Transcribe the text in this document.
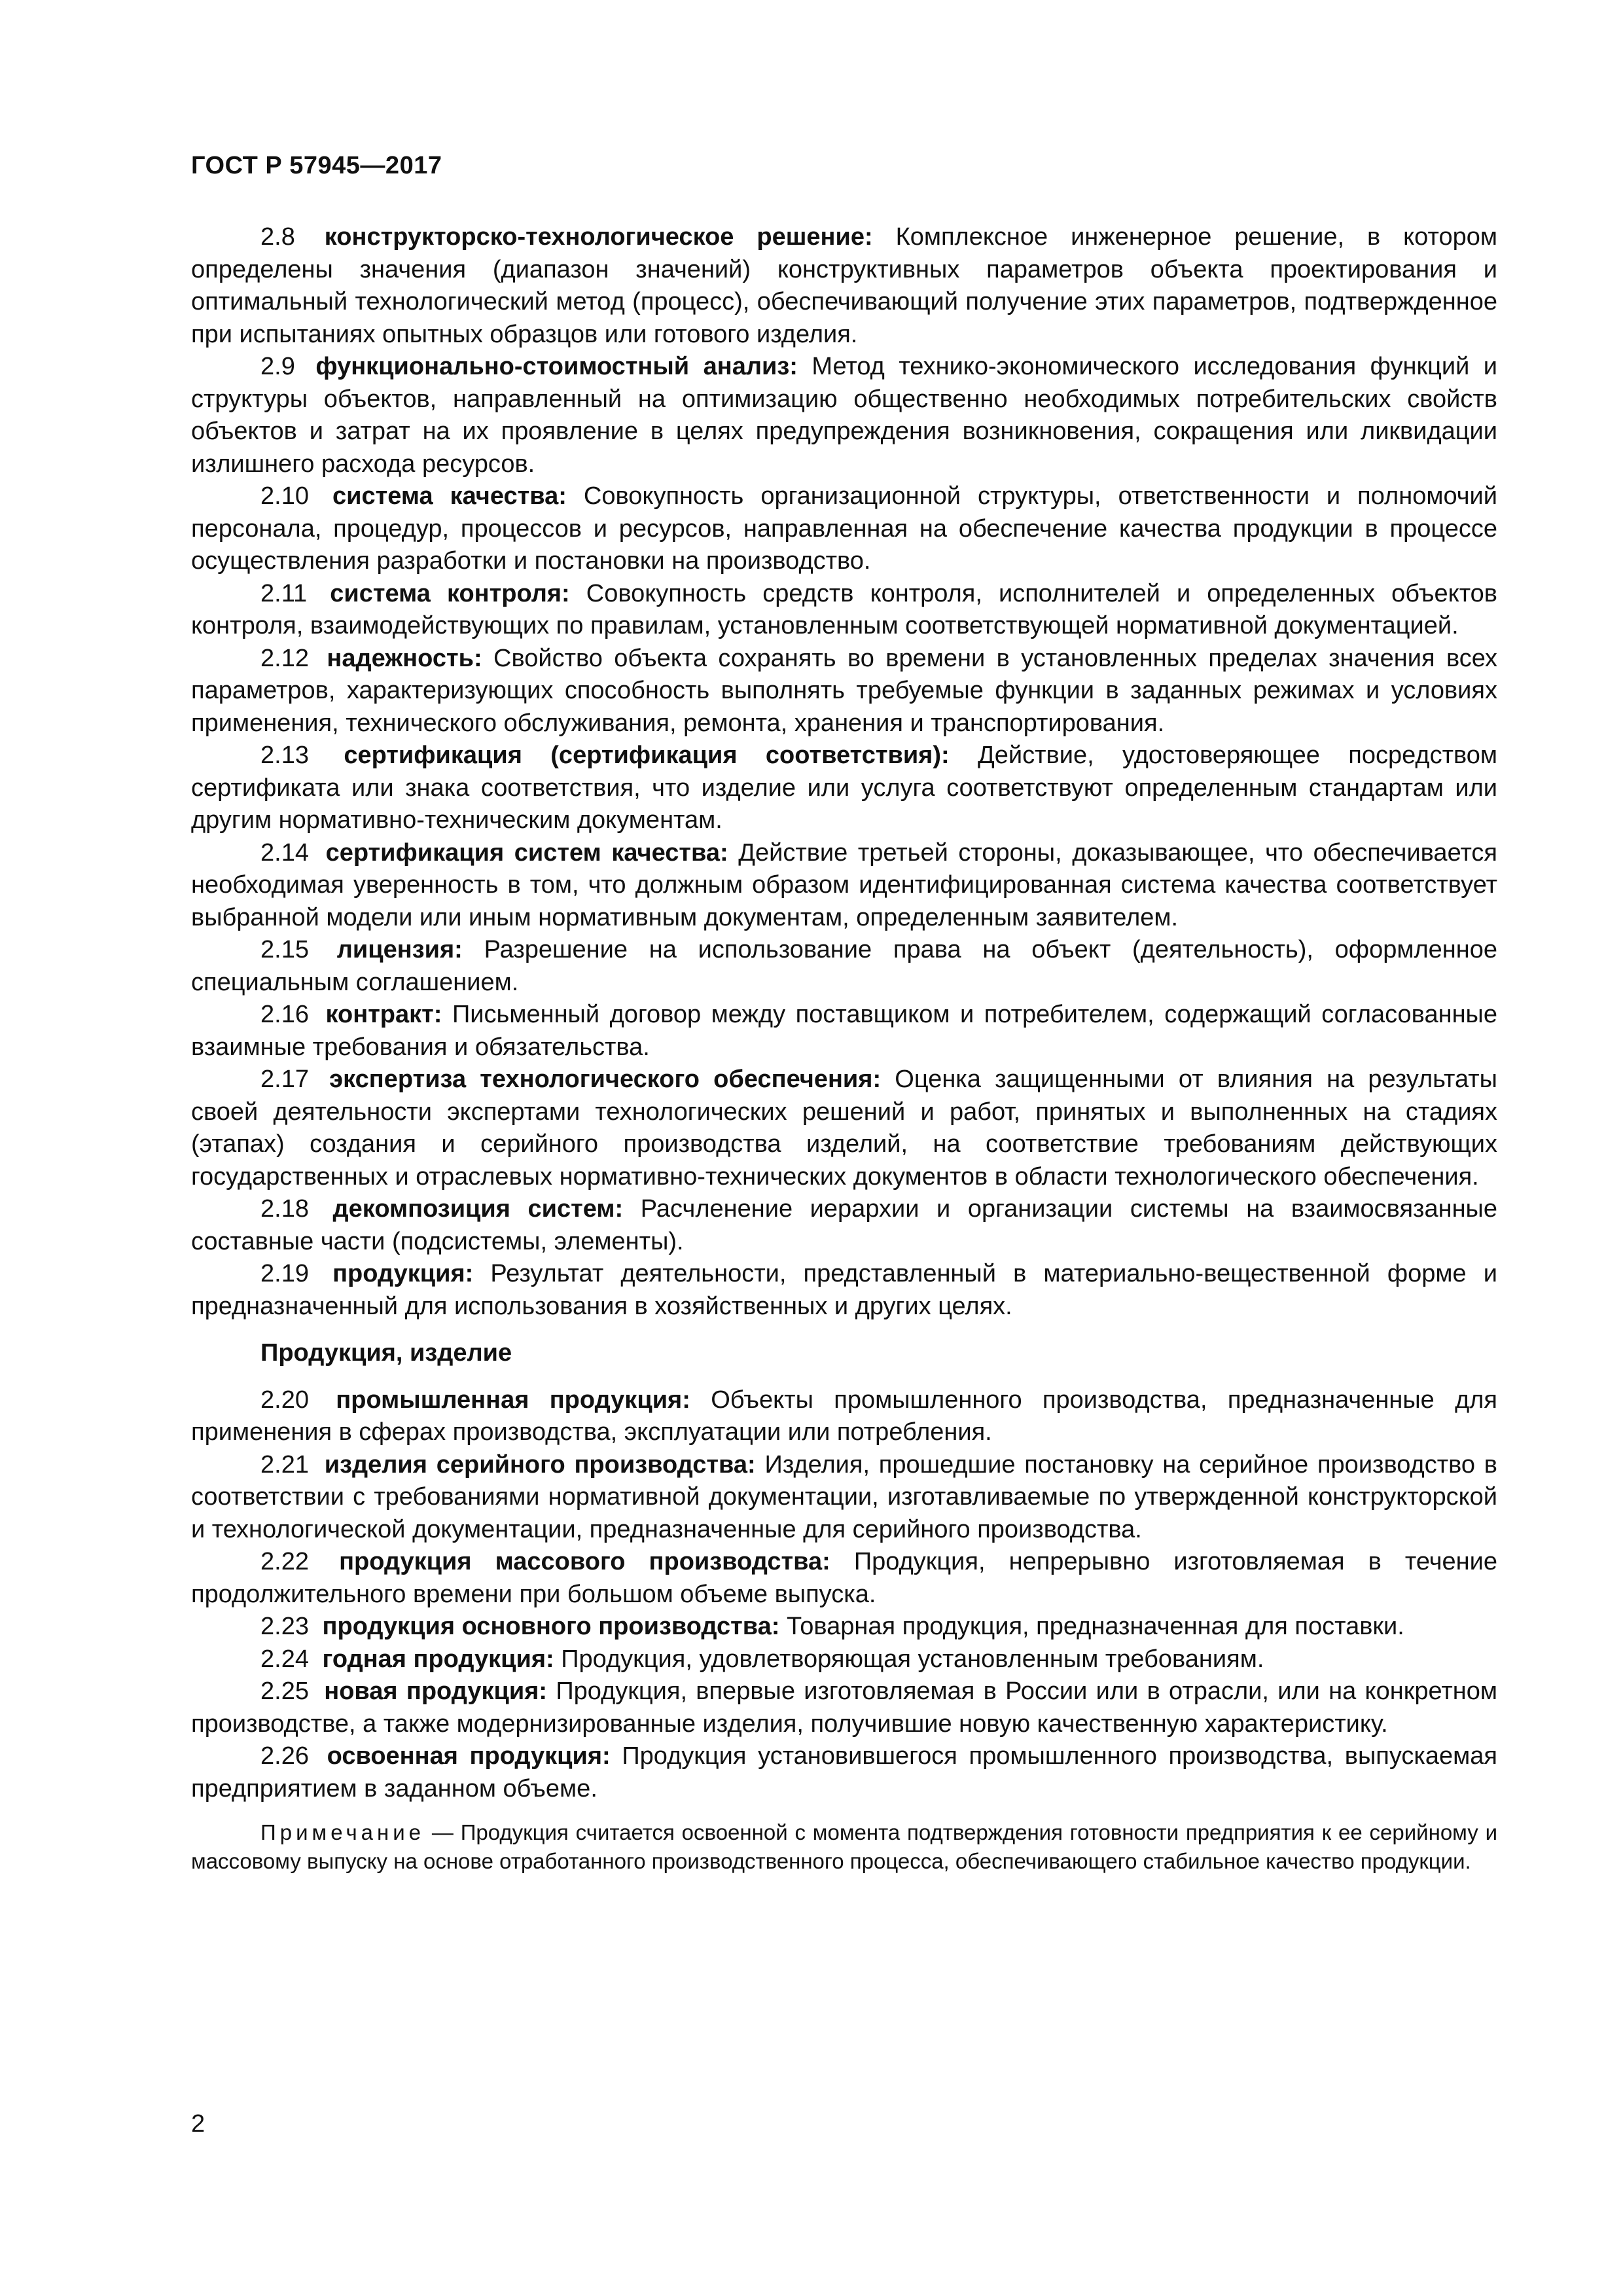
ГОСТ Р 57945—2017

2.8 конструкторско-технологическое решение: Комплексное инженерное решение, в котором определены значения (диапазон значений) конструктивных параметров объекта проектирования и оптимальный технологический метод (процесс), обеспечивающий получение этих параметров, подтвержденное при испытаниях опытных образцов или готового изделия.

2.9 функционально-стоимостный анализ: Метод технико-экономического исследования функций и структуры объектов, направленный на оптимизацию общественно необходимых потребительских свойств объектов и затрат на их проявление в целях предупреждения возникновения, сокращения или ликвидации излишнего расхода ресурсов.

2.10 система качества: Совокупность организационной структуры, ответственности и полномочий персонала, процедур, процессов и ресурсов, направленная на обеспечение качества продукции в процессе осуществления разработки и постановки на производство.

2.11 система контроля: Совокупность средств контроля, исполнителей и определенных объектов контроля, взаимодействующих по правилам, установленным соответствующей нормативной документацией.

2.12 надежность: Свойство объекта сохранять во времени в установленных пределах значения всех параметров, характеризующих способность выполнять требуемые функции в заданных режимах и условиях применения, технического обслуживания, ремонта, хранения и транспортирования.

2.13 сертификация (сертификация соответствия): Действие, удостоверяющее посредством сертификата или знака соответствия, что изделие или услуга соответствуют определенным стандартам или другим нормативно-техническим документам.

2.14 сертификация систем качества: Действие третьей стороны, доказывающее, что обеспечивается необходимая уверенность в том, что должным образом идентифицированная система качества соответствует выбранной модели или иным нормативным документам, определенным заявителем.

2.15 лицензия: Разрешение на использование права на объект (деятельность), оформленное специальным соглашением.

2.16 контракт: Письменный договор между поставщиком и потребителем, содержащий согласованные взаимные требования и обязательства.

2.17 экспертиза технологического обеспечения: Оценка защищенными от влияния на результаты своей деятельности экспертами технологических решений и работ, принятых и выполненных на стадиях (этапах) создания и серийного производства изделий, на соответствие требованиям действующих государственных и отраслевых нормативно-технических документов в области технологического обеспечения.

2.18 декомпозиция систем: Расчленение иерархии и организации системы на взаимосвязанные составные части (подсистемы, элементы).

2.19 продукция: Результат деятельности, представленный в материально-вещественной форме и предназначенный для использования в хозяйственных и других целях.

Продукция, изделие

2.20 промышленная продукция: Объекты промышленного производства, предназначенные для применения в сферах производства, эксплуатации или потребления.

2.21 изделия серийного производства: Изделия, прошедшие постановку на серийное производство в соответствии с требованиями нормативной документации, изготавливаемые по утвержденной конструкторской и технологической документации, предназначенные для серийного производства.

2.22 продукция массового производства: Продукция, непрерывно изготовляемая в течение продолжительного времени при большом объеме выпуска.

2.23 продукция основного производства: Товарная продукция, предназначенная для поставки.

2.24 годная продукция: Продукция, удовлетворяющая установленным требованиям.

2.25 новая продукция: Продукция, впервые изготовляемая в России или в отрасли, или на конкретном производстве, а также модернизированные изделия, получившие новую качественную характеристику.

2.26 освоенная продукция: Продукция установившегося промышленного производства, выпускаемая предприятием в заданном объеме.

Примечание — Продукция считается освоенной с момента подтверждения готовности предприятия к ее серийному и массовому выпуску на основе отработанного производственного процесса, обеспечивающего стабильное качество продукции.

2
